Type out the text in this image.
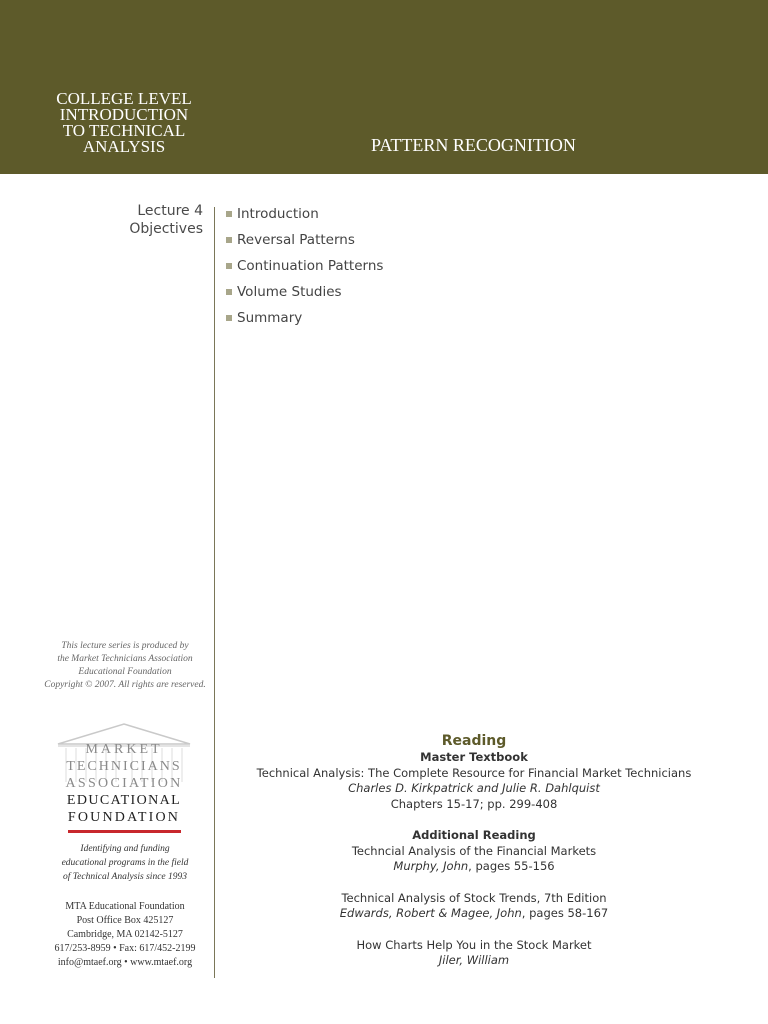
COLLEGE LEVEL
INTRODUCTION
TO TECHNICAL
ANALYSIS	PATTERN RECOGNITION
Lecture 4
Objectives
Introduction
Reversal Patterns
Continuation Patterns
Volume Studies
Summary
This lecture series is produced by
the Market Technicians Association
Educational Foundation
Copyright © 2007. All rights are reserved.
MARKET
TECHNICIANS
ASSOCIATION
EDUCATIONAL
FOUNDATION
Identifying and funding
educational programs in the field
of Technical Analysis since 1993
MTA Educational Foundation
Post Office Box 425127
Cambridge, MA 02142-5127
617/253-8959 • Fax: 617/452-2199
info@mtaef.org • www.mtaef.org
Reading
Master Textbook
Technical Analysis: The Complete Resource for Financial Market Technicians
Charles D. Kirkpatrick and Julie R. Dahlquist
Chapters 15-17; pp. 299-408
Additional Reading
Techncial Analysis of the Financial Markets
Murphy, John, pages 55-156
Technical Analysis of Stock Trends, 7th Edition
Edwards, Robert & Magee, John, pages 58-167
How Charts Help You in the Stock Market
Jiler, William
